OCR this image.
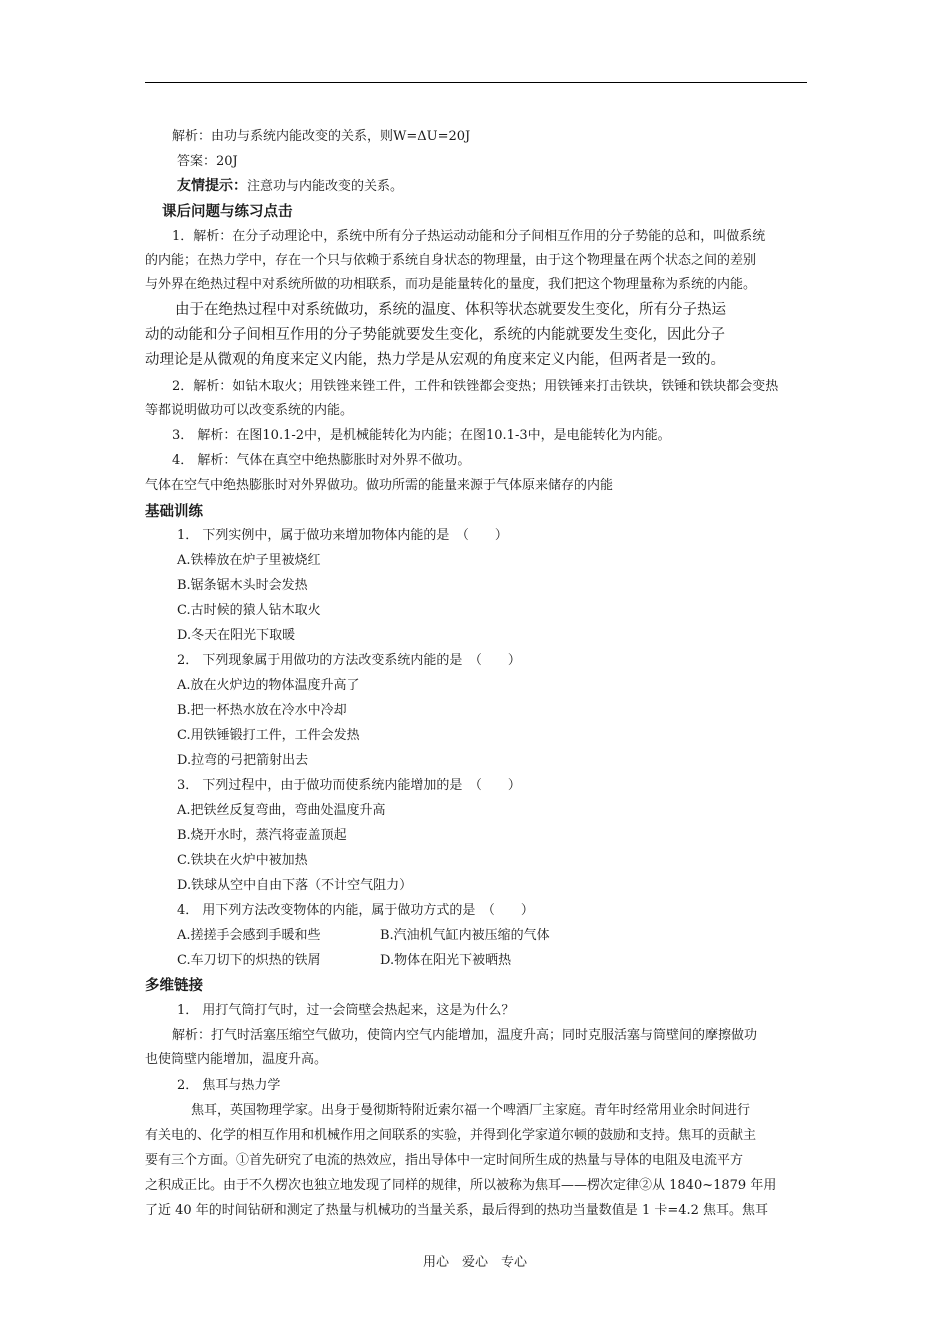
解析：由功与系统内能改变的关系，则W=ΔU=20J
答案：20J
友情提示：注意功与内能改变的关系。
课后问题与练习点击
1．解析：在分子动理论中，系统中所有分子热运动动能和分子间相互作用的分子势能的总和，叫做系统
的内能；在热力学中，存在一个只与依赖于系统自身状态的物理量，由于这个物理量在两个状态之间的差别
与外界在绝热过程中对系统所做的功相联系，而功是能量转化的量度，我们把这个物理量称为系统的内能。
由于在绝热过程中对系统做功，系统的温度、体积等状态就要发生变化，所有分子热运
动的动能和分子间相互作用的分子势能就要发生变化，系统的内能就要发生变化，因此分子
动理论是从微观的角度来定义内能，热力学是从宏观的角度来定义内能，但两者是一致的。
2．解析：如钻木取火；用铁锉来锉工件，工件和铁锉都会变热；用铁锤来打击铁块，铁锤和铁块都会变热
等都说明做功可以改变系统的内能。
3． 解析：在图10.1-2中，是机械能转化为内能；在图10.1-3中，是电能转化为内能。
4． 解析：气体在真空中绝热膨胀时对外界不做功。
气体在空气中绝热膨胀时对外界做功。做功所需的能量来源于气体原来储存的内能
基础训练
1． 下列实例中，属于做功来增加物体内能的是　（　　）
A.铁棒放在炉子里被烧红
B.锯条锯木头时会发热
C.古时候的猿人钻木取火
D.冬天在阳光下取暖
2． 下列现象属于用做功的方法改变系统内能的是　（　　）
A.放在火炉边的物体温度升高了
B.把一杯热水放在冷水中冷却
C.用铁锤锻打工件，工件会发热
D.拉弯的弓把箭射出去
3． 下列过程中，由于做功而使系统内能增加的是　（　　）
A.把铁丝反复弯曲，弯曲处温度升高
B.烧开水时，蒸汽将壶盖顶起
C.铁块在火炉中被加热
D.铁球从空中自由下落（不计空气阻力）
4． 用下列方法改变物体的内能，属于做功方式的是　（　　）
A.搓搓手会感到手暖和些	B.汽油机气缸内被压缩的气体
C.车刀切下的炽热的铁屑	D.物体在阳光下被晒热
多维链接
1． 用打气筒打气时，过一会筒壁会热起来，这是为什么？
解析：打气时活塞压缩空气做功，使筒内空气内能增加，温度升高；同时克服活塞与筒壁间的摩擦做功
也使筒壁内能增加，温度升高。
2． 焦耳与热力学
焦耳，英国物理学家。出身于曼彻斯特附近索尔福一个啤酒厂主家庭。青年时经常用业余时间进行
有关电的、化学的相互作用和机械作用之间联系的实验，并得到化学家道尔顿的鼓励和支持。焦耳的贡献主
要有三个方面。①首先研究了电流的热效应，指出导体中一定时间所生成的热量与导体的电阻及电流平方
之积成正比。由于不久楞次也独立地发现了同样的规律，所以被称为焦耳——楞次定律②从 1840~1879 年用
了近 40 年的时间钻研和测定了热量与机械功的当量关系，最后得到的热功当量数值是 1 卡=4.2 焦耳。焦耳
用心　爱心　专心
